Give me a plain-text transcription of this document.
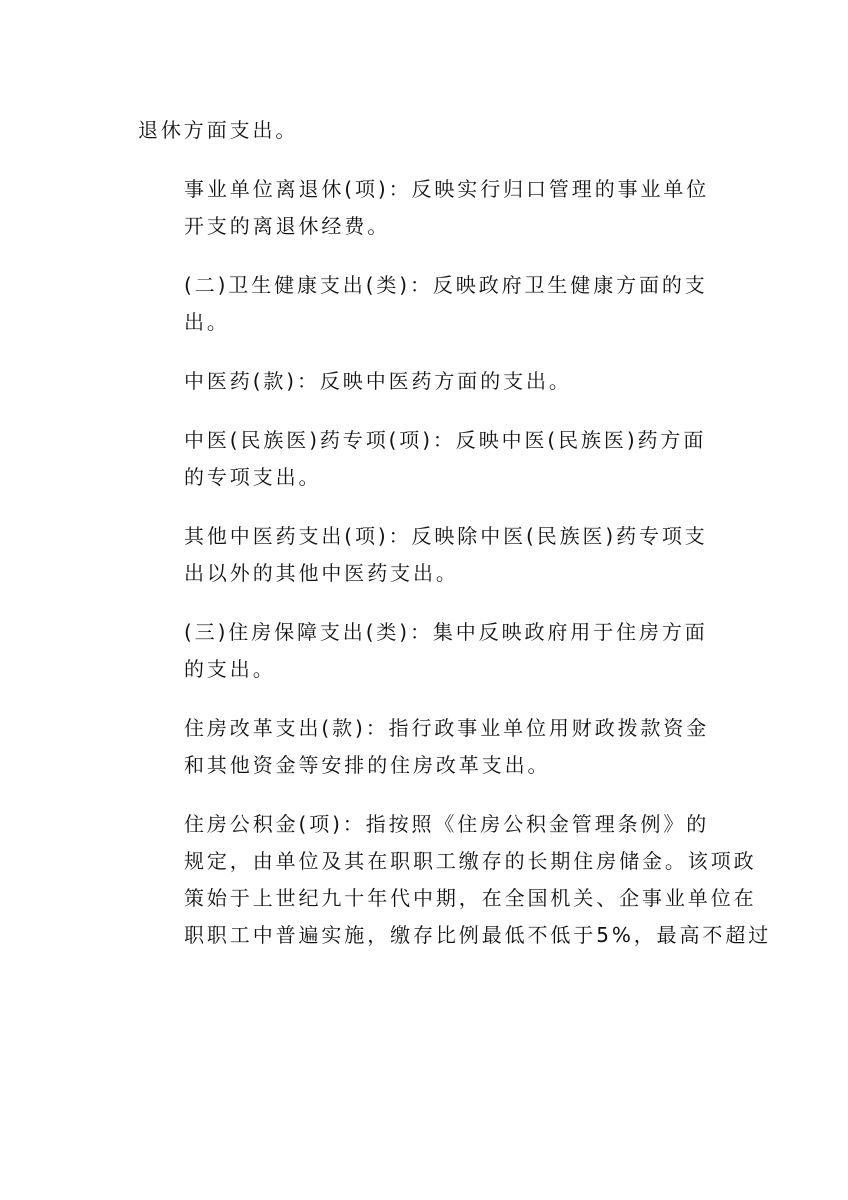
退休方面支出。

事业单位离退休(项)：反映实行归口管理的事业单位
开支的离退休经费。

(二)卫生健康支出(类)：反映政府卫生健康方面的支
出。

中医药(款)：反映中医药方面的支出。

中医(民族医)药专项(项)：反映中医(民族医)药方面
的专项支出。

其他中医药支出(项)：反映除中医(民族医)药专项支
出以外的其他中医药支出。

(三)住房保障支出(类)：集中反映政府用于住房方面
的支出。

住房改革支出(款)：指行政事业单位用财政拨款资金
和其他资金等安排的住房改革支出。

住房公积金(项)：指按照《住房公积金管理条例》的
规定，由单位及其在职职工缴存的长期住房储金。该项政
策始于上世纪九十年代中期，在全国机关、企事业单位在
职职工中普遍实施，缴存比例最低不低于5%，最高不超过
